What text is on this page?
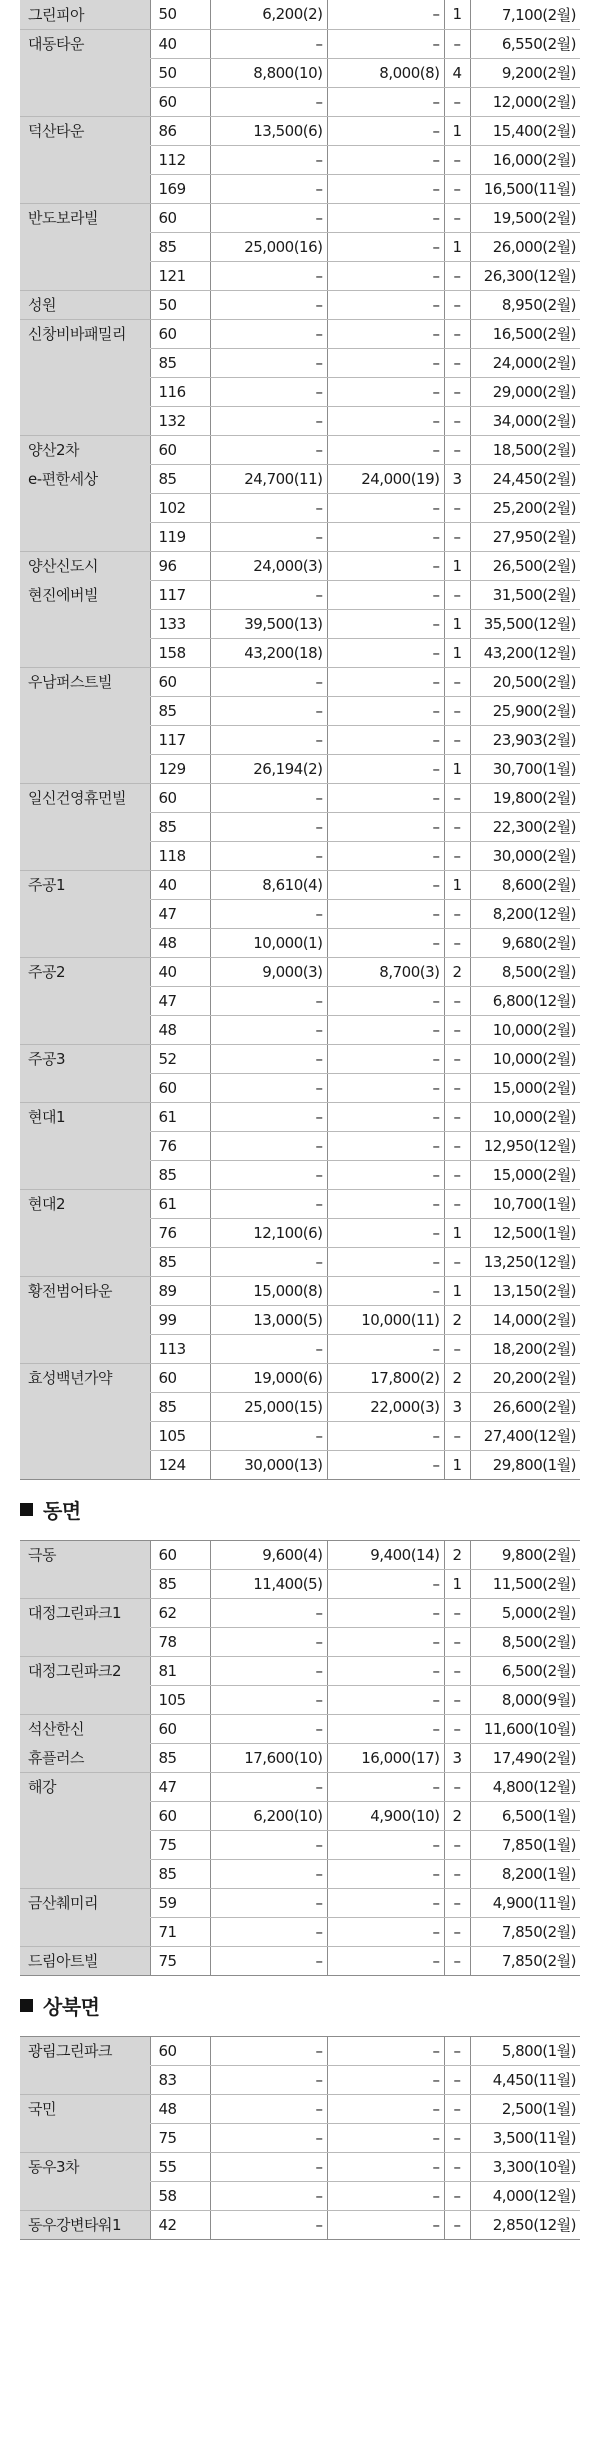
그린피아	50	6,200(2)	–	1	7,100(2월)
대동타운	40	–	–	–	6,550(2월)
	50	8,800(10)	8,000(8)	4	9,200(2월)
	60	–	–	–	12,000(2월)
덕산타운	86	13,500(6)	–	1	15,400(2월)
	112	–	–	–	16,000(2월)
	169	–	–	–	16,500(11월)
반도보라빌	60	–	–	–	19,500(2월)
	85	25,000(16)	–	1	26,000(2월)
	121	–	–	–	26,300(12월)
성원	50	–	–	–	8,950(2월)
신창비바패밀리	60	–	–	–	16,500(2월)
	85	–	–	–	24,000(2월)
	116	–	–	–	29,000(2월)
	132	–	–	–	34,000(2월)
양산2차	60	–	–	–	18,500(2월)
e-편한세상	85	24,700(11)	24,000(19)	3	24,450(2월)
	102	–	–	–	25,200(2월)
	119	–	–	–	27,950(2월)
양산신도시	96	24,000(3)	–	1	26,500(2월)
현진에버빌	117	–	–	–	31,500(2월)
	133	39,500(13)	–	1	35,500(12월)
	158	43,200(18)	–	1	43,200(12월)
우남퍼스트빌	60	–	–	–	20,500(2월)
	85	–	–	–	25,900(2월)
	117	–	–	–	23,903(2월)
	129	26,194(2)	–	1	30,700(1월)
일신건영휴먼빌	60	–	–	–	19,800(2월)
	85	–	–	–	22,300(2월)
	118	–	–	–	30,000(2월)
주공1	40	8,610(4)	–	1	8,600(2월)
	47	–	–	–	8,200(12월)
	48	10,000(1)	–	–	9,680(2월)
주공2	40	9,000(3)	8,700(3)	2	8,500(2월)
	47	–	–	–	6,800(12월)
	48	–	–	–	10,000(2월)
주공3	52	–	–	–	10,000(2월)
	60	–	–	–	15,000(2월)
현대1	61	–	–	–	10,000(2월)
	76	–	–	–	12,950(12월)
	85	–	–	–	15,000(2월)
현대2	61	–	–	–	10,700(1월)
	76	12,100(6)	–	1	12,500(1월)
	85	–	–	–	13,250(12월)
황전범어타운	89	15,000(8)	–	1	13,150(2월)
	99	13,000(5)	10,000(11)	2	14,000(2월)
	113	–	–	–	18,200(2월)
효성백년가약	60	19,000(6)	17,800(2)	2	20,200(2월)
	85	25,000(15)	22,000(3)	3	26,600(2월)
	105	–	–	–	27,400(12월)
	124	30,000(13)	–	1	29,800(1월)
동면
극동	60	9,600(4)	9,400(14)	2	9,800(2월)
	85	11,400(5)	–	1	11,500(2월)
대정그린파크1	62	–	–	–	5,000(2월)
	78	–	–	–	8,500(2월)
대정그린파크2	81	–	–	–	6,500(2월)
	105	–	–	–	8,000(9월)
석산한신	60	–	–	–	11,600(10월)
휴플러스	85	17,600(10)	16,000(17)	3	17,490(2월)
해강	47	–	–	–	4,800(12월)
	60	6,200(10)	4,900(10)	2	6,500(1월)
	75	–	–	–	7,850(1월)
	85	–	–	–	8,200(1월)
금산췌미리	59	–	–	–	4,900(11월)
	71	–	–	–	7,850(2월)
드림아트빌	75	–	–	–	7,850(2월)
상북면
광림그린파크	60	–	–	–	5,800(1월)
	83	–	–	–	4,450(11월)
국민	48	–	–	–	2,500(1월)
	75	–	–	–	3,500(11월)
동우3차	55	–	–	–	3,300(10월)
	58	–	–	–	4,000(12월)
동우강변타워1	42	–	–	–	2,850(12월)
